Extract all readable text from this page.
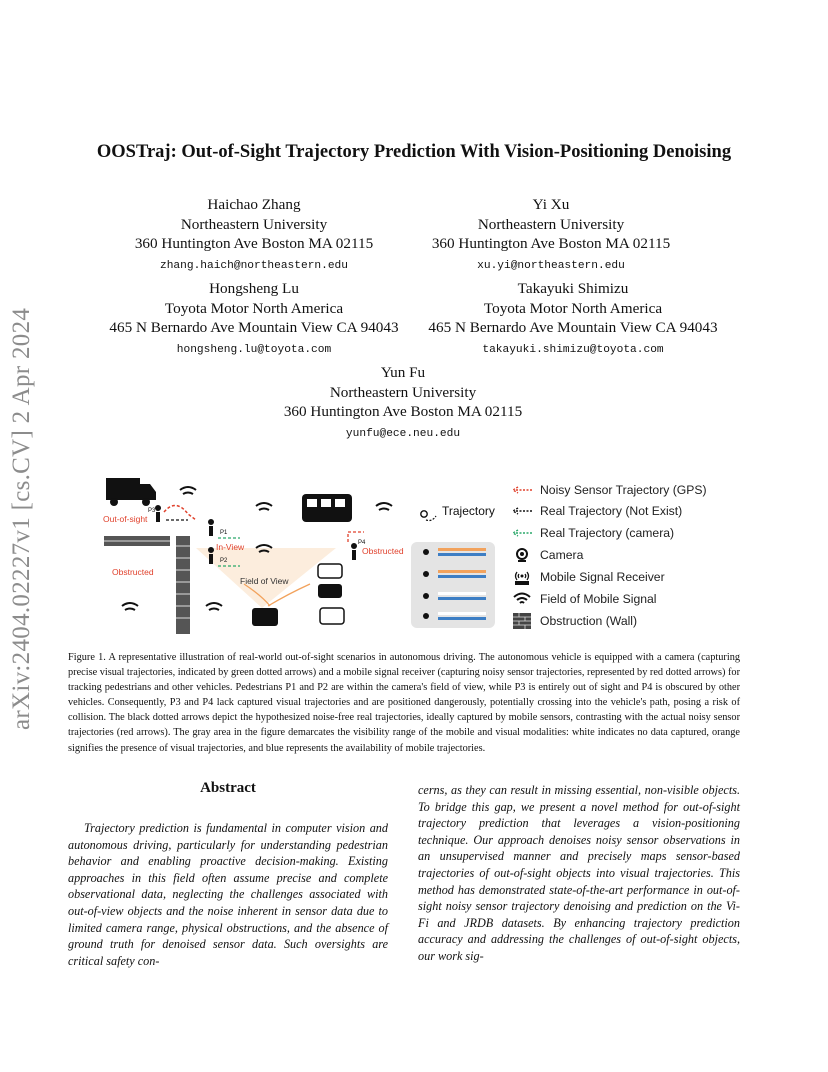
arXiv:2404.02227v1 [cs.CV] 2 Apr 2024
OOSTraj: Out-of-Sight Trajectory Prediction With Vision-Positioning Denoising
Haichao Zhang
Northeastern University
360 Huntington Ave Boston MA 02115
zhang.haich@northeastern.edu
Yi Xu
Northeastern University
360 Huntington Ave Boston MA 02115
xu.yi@northeastern.edu
Hongsheng Lu
Toyota Motor North America
465 N Bernardo Ave Mountain View CA 94043
hongsheng.lu@toyota.com
Takayuki Shimizu
Toyota Motor North America
465 N Bernardo Ave Mountain View CA 94043
takayuki.shimizu@toyota.com
Yun Fu
Northeastern University
360 Huntington Ave Boston MA 02115
yunfu@ece.neu.edu
Out-of-sight
In-View
Obstructed
Obstructed
Field of View
P3
P1
P2
P4
Trajectory
Noisy Sensor Trajectory (GPS)
Real Trajectory (Not Exist)
Real Trajectory (camera)
Camera
Mobile Signal Receiver
Field of Mobile Signal
Obstruction (Wall)
Figure 1. A representative illustration of real-world out-of-sight scenarios in autonomous driving. The autonomous vehicle is equipped with a camera (capturing precise visual trajectories, indicated by green dotted arrows) and a mobile signal receiver (capturing noisy sensor trajectories, represented by red dotted arrows) for tracking pedestrians and other vehicles. Pedestrians P1 and P2 are within the camera's field of view, while P3 is entirely out of sight and P4 is obscured by other vehicles. Consequently, P3 and P4 lack captured visual trajectories and are positioned dangerously, potentially crossing into the vehicle's path, posing a risk of collision. The black dotted arrows depict the hypothesized noise-free real trajectories, ideally captured by mobile sensors, contrasting with the actual noisy sensor trajectories (red arrows). The gray area in the figure demarcates the visibility range of the mobile and visual modalities: white indicates no data captured, orange signifies the presence of visual trajectories, and blue represents the availability of mobile trajectories.
Abstract
Trajectory prediction is fundamental in computer vision and autonomous driving, particularly for understanding pedestrian behavior and enabling proactive decision-making. Existing approaches in this field often assume precise and complete observational data, neglecting the challenges associated with out-of-view objects and the noise inherent in sensor data due to limited camera range, physical obstructions, and the absence of ground truth for denoised sensor data. Such oversights are critical safety con-
cerns, as they can result in missing essential, non-visible objects. To bridge this gap, we present a novel method for out-of-sight trajectory prediction that leverages a vision-positioning technique. Our approach denoises noisy sensor observations in an unsupervised manner and precisely maps sensor-based trajectories of out-of-sight objects into visual trajectories. This method has demonstrated state-of-the-art performance in out-of-sight noisy sensor trajectory denoising and prediction on the Vi-Fi and JRDB datasets. By enhancing trajectory prediction accuracy and addressing the challenges of out-of-sight objects, our work sig-
